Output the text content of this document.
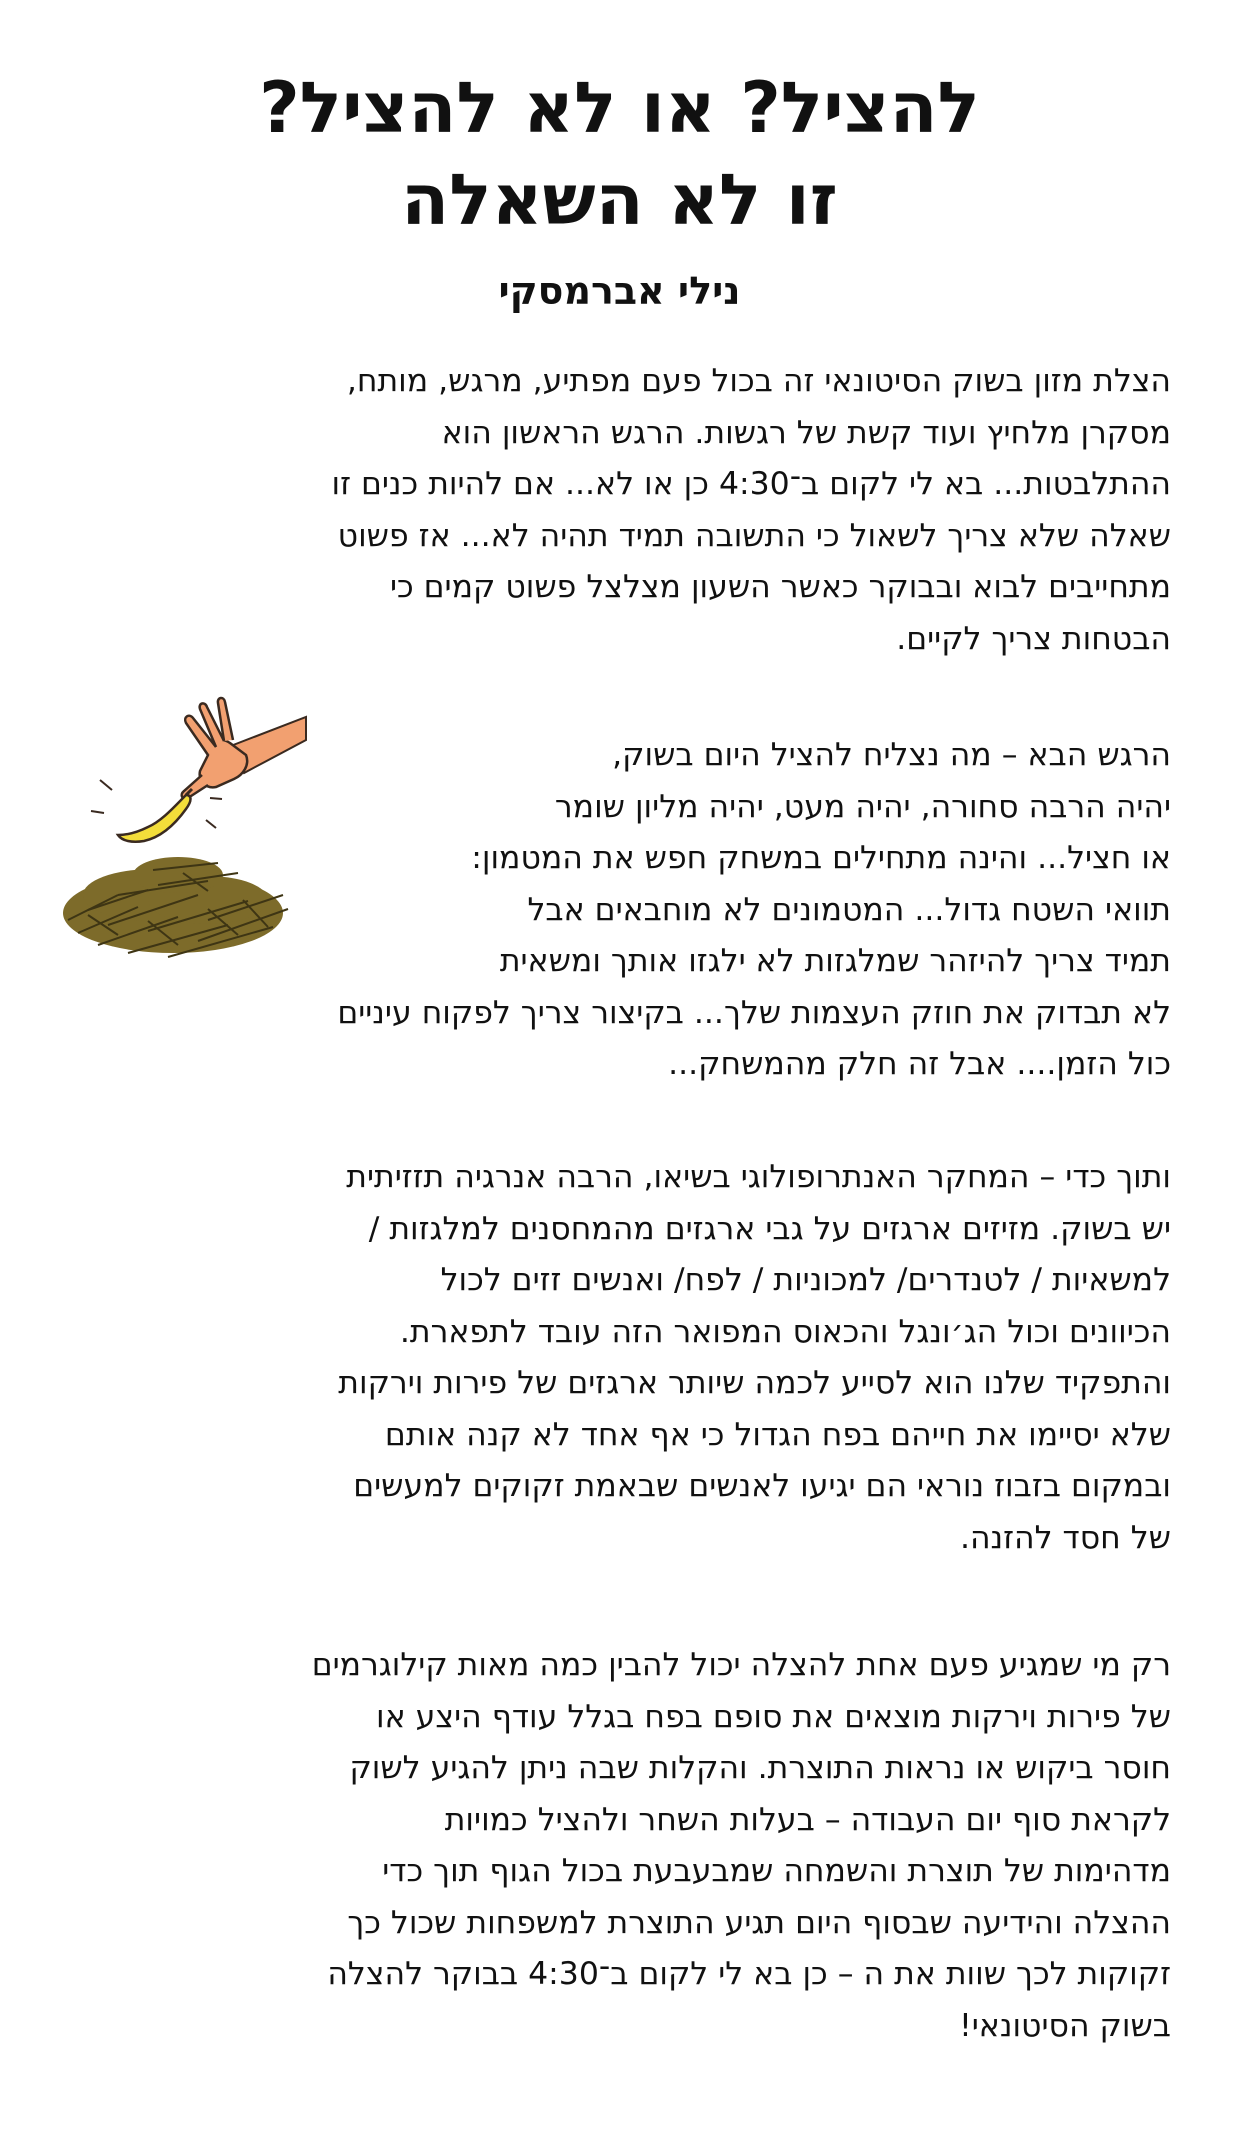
להציל? או לא להציל?
זו לא השאלה
נילי אברמסקי

הצלת מזון בשוק הסיטונאי זה בכול פעם מפתיע, מרגש, מותח,
מסקרן מלחיץ ועוד קשת של רגשות. הרגש הראשון הוא
ההתלבטות... בא לי לקום ב־4:30 כן או לא... אם להיות כנים זו
שאלה שלא צריך לשאול כי התשובה תמיד תהיה לא... אז פשוט
מתחייבים לבוא ובבוקר כאשר השעון מצלצל פשוט קמים כי
הבטחות צריך לקיים.

הרגש הבא – מה נצליח להציל היום בשוק,
יהיה הרבה סחורה, יהיה מעט, יהיה מליון שומר
או חציל... והינה מתחילים במשחק חפש את המטמון:
תוואי השטח גדול... המטמונים לא מוחבאים אבל
תמיד צריך להיזהר שמלגזות לא ילגזו אותך ומשאית
לא תבדוק את חוזק העצמות שלך... בקיצור צריך לפקוח עיניים
כול הזמן.... אבל זה חלק מהמשחק...

ותוך כדי – המחקר האנתרופולוגי בשיאו, הרבה אנרגיה תזזיתית
יש בשוק. מזיזים ארגזים על גבי ארגזים מהמחסנים למלגזות /
למשאיות / לטנדרים/ למכוניות / לפח/ ואנשים זזים לכול
הכיוונים וכול הג׳ונגל והכאוס המפואר הזה עובד לתפארת.
והתפקיד שלנו הוא לסייע לכמה שיותר ארגזים של פירות וירקות
שלא יסיימו את חייהם בפח הגדול כי אף אחד לא קנה אותם
ובמקום בזבוז נוראי הם יגיעו לאנשים שבאמת זקוקים למעשים
של חסד להזנה.

רק מי שמגיע פעם אחת להצלה יכול להבין כמה מאות קילוגרמים
של פירות וירקות מוצאים את סופם בפח בגלל עודף היצע או
חוסר ביקוש או נראות התוצרת. והקלות שבה ניתן להגיע לשוק
לקראת סוף יום העבודה – בעלות השחר ולהציל כמויות
מדהימות של תוצרת והשמחה שמבעבעת בכול הגוף תוך כדי
ההצלה והידיעה שבסוף היום תגיע התוצרת למשפחות שכול כך
זקוקות לכך שוות את ה – כן בא לי לקום ב־4:30 בבוקר להצלה
בשוק הסיטונאי!
